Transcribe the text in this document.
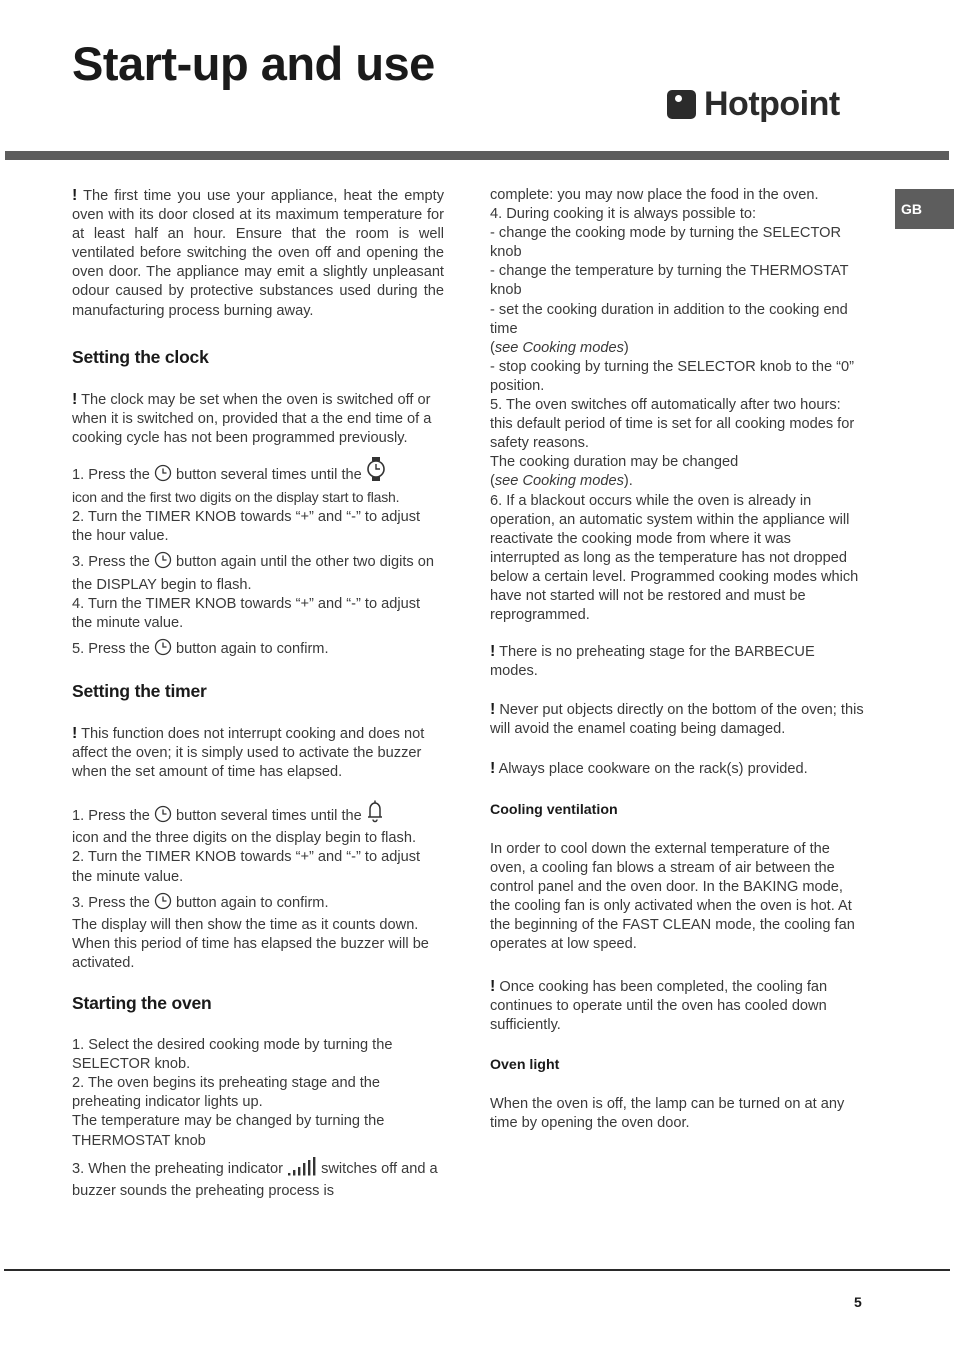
Start-up and use
Hotpoint
GB

! The first time you use your appliance, heat the empty oven with its door closed at its maximum temperature for at least half an hour. Ensure that the room is well ventilated before switching the oven off and opening the oven door. The appliance may emit a slightly unpleasant odour caused by protective substances used during the manufacturing process burning away.

Setting the clock

! The clock may be set when the oven is switched off or when it is switched on, provided that a the end time of a cooking cycle has not been programmed previously.

1. Press the button several times until the
icon and the first two digits on the display start to flash.

2. Turn the TIMER KNOB towards “+” and “-” to adjust the hour value.

3. Press the button again until the other two digits on the DISPLAY begin to flash.

4. Turn the TIMER KNOB towards “+” and “-” to adjust the minute value.

5. Press the button again to confirm.

Setting the timer

! This function does not interrupt cooking and does not affect the oven; it is simply used to activate the buzzer when the set amount of time has elapsed.

1. Press the button several times until the
icon and the three digits on the display begin to flash.

2. Turn the TIMER KNOB towards “+” and “-” to adjust the minute value.

3. Press the button again to confirm.

The display will then show the time as it counts down. When this period of time has elapsed the buzzer will be activated.

Starting the oven

1. Select the desired cooking mode by turning the SELECTOR knob.

2. The oven begins its preheating stage and the preheating indicator lights up.

The temperature may be changed by turning the THERMOSTAT knob

3. When the preheating indicator	switches off and a buzzer sounds the preheating process is

complete: you may now place the food in the oven.

4. During cooking it is always possible to:

- change the cooking mode by turning the SELECTOR knob

- change the temperature by turning the THERMOSTAT knob

- set the cooking duration in addition to the cooking end time

(see Cooking modes)

- stop cooking by turning the SELECTOR knob to the “0” position.

5. The oven switches off automatically after two hours: this default period of time is set for all cooking modes for safety reasons.

The cooking duration may be changed

(see Cooking modes).

6. If a blackout occurs while the oven is already in operation, an automatic system within the appliance will reactivate the cooking mode from where it was interrupted as long as the temperature has not dropped below a certain level. Programmed cooking modes which have not started will not be restored and must be reprogrammed.

! There is no preheating stage for the BARBECUE modes.

! Never put objects directly on the bottom of the oven; this will avoid the enamel coating being damaged.

! Always place cookware on the rack(s) provided.

Cooling ventilation

In order to cool down the external temperature of the oven, a cooling fan blows a stream of air between the control panel and the oven door. In the BAKING mode, the cooling fan is only activated when the oven is hot. At the beginning of the FAST CLEAN mode, the cooling fan operates at low speed.

! Once cooking has been completed, the cooling fan continues to operate until the oven has cooled down sufficiently.

Oven light

When the oven is off, the lamp can be turned on at any time by opening the oven door.

5
